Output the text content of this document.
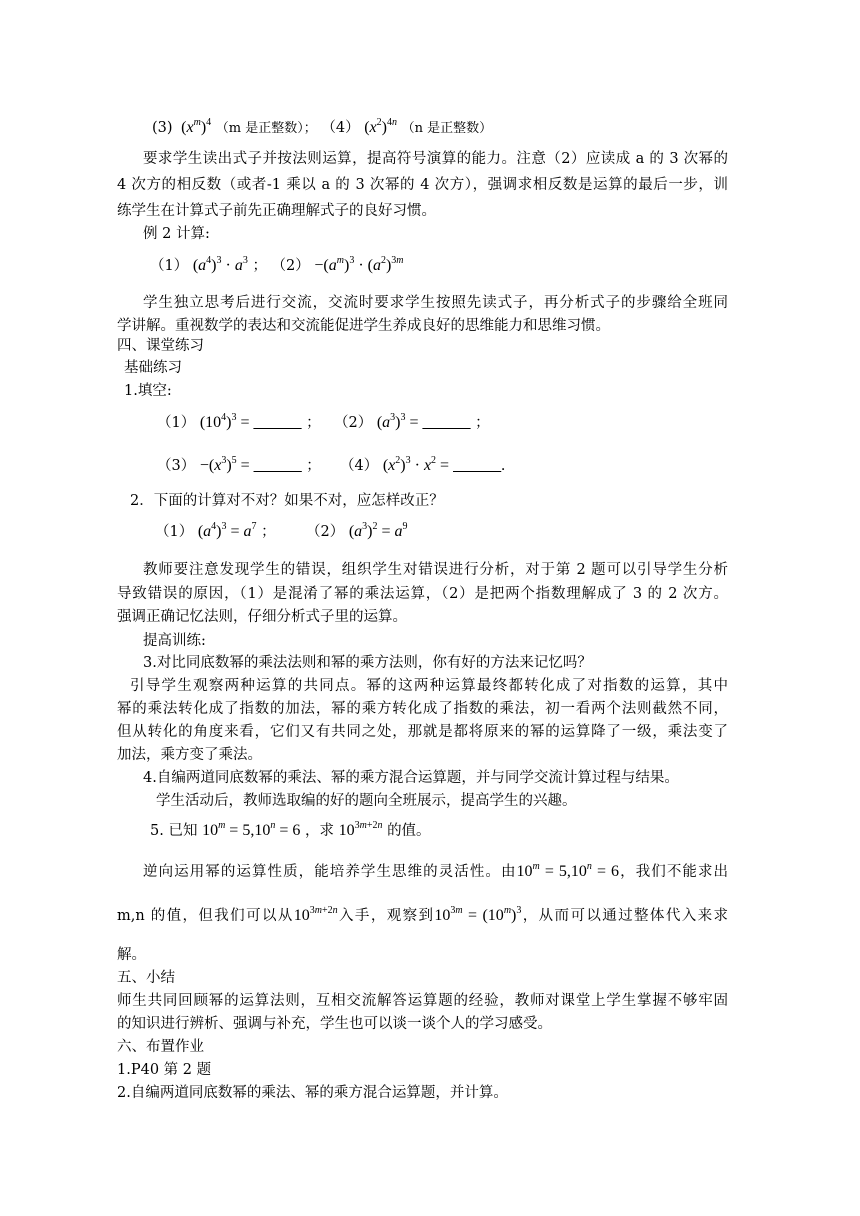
(3)  $(x^m)^4$ （m 是正整数）； （4） $(x^2)^{4n}$ （n 是正整数）
要求学生读出式子并按法则运算，提高符号演算的能力。注意（2）应读成 a 的 3 次幂的
4 次方的相反数（或者-1 乘以 a 的 3 次幂的 4 次方），强调求相反数是运算的最后一步，训
练学生在计算式子前先正确理解式子的良好习惯。
例 2 计算:
（1） $(a^4)^3 \cdot a^3$ ； $(2) -(a^m)^3 \cdot (a^2)^{3m}$
学生独立思考后进行交流，交流时要求学生按照先读式子，再分析式子的步骤给全班同
学讲解。重视数学的表达和交流能促进学生养成良好的思维能力和思维习惯。
四、课堂练习
基础练习
1.填空:
（1） $(10^4)^3$ = ______ ； （2） $(a^3)^3$ = ______ ；
$(3) -(x^3)^5$ = ______ ； （4） $(x^2)^3 \cdot x^2$ = ______.
2．下面的计算对不对？如果不对，应怎样改正？
（1） $(a^4)^3 = a^7$ ； （2） $(a^3)^2 = a^9$
教师要注意发现学生的错误，组织学生对错误进行分析，对于第 2 题可以引导学生分析
导致错误的原因，（1）是混淆了幂的乘法运算，（2）是把两个指数理解成了 3 的 2 次方。
强调正确记忆法则，仔细分析式子里的运算。
提高训练:
3.对比同底数幂的乘法法则和幂的乘方法则，你有好的方法来记忆吗？
引导学生观察两种运算的共同点。幂的这两种运算最终都转化成了对指数的运算，其中
幂的乘法转化成了指数的加法，幂的乘方转化成了指数的乘法，初一看两个法则截然不同，
但从转化的角度来看，它们又有共同之处，那就是都将原来的幂的运算降了一级，乘法变了
加法，乘方变了乘法。
4.自编两道同底数幂的乘法、幂的乘方混合运算题，并与同学交流计算过程与结果。
学生活动后，教师选取编的好的题向全班展示，提高学生的兴趣。
5. 已知 $10^m = 5,10^n = 6$ ，求 $10^{3m+2n}$ 的值。
逆向运用幂的运算性质，能培养学生思维的灵活性。由$10^m = 5,10^n = 6$，我们不能求出
m,n 的值，但我们可以从$10^{3m+2n}$入手，观察到$10^{3m} = (10^m)^3$，从而可以通过整体代入来求
解。
五、小结
师生共同回顾幂的运算法则，互相交流解答运算题的经验，教师对课堂上学生掌握不够牢固
的知识进行辨析、强调与补充，学生也可以谈一谈个人的学习感受。
六、布置作业
1.P40 第 2 题
2.自编两道同底数幂的乘法、幂的乘方混合运算题，并计算。
